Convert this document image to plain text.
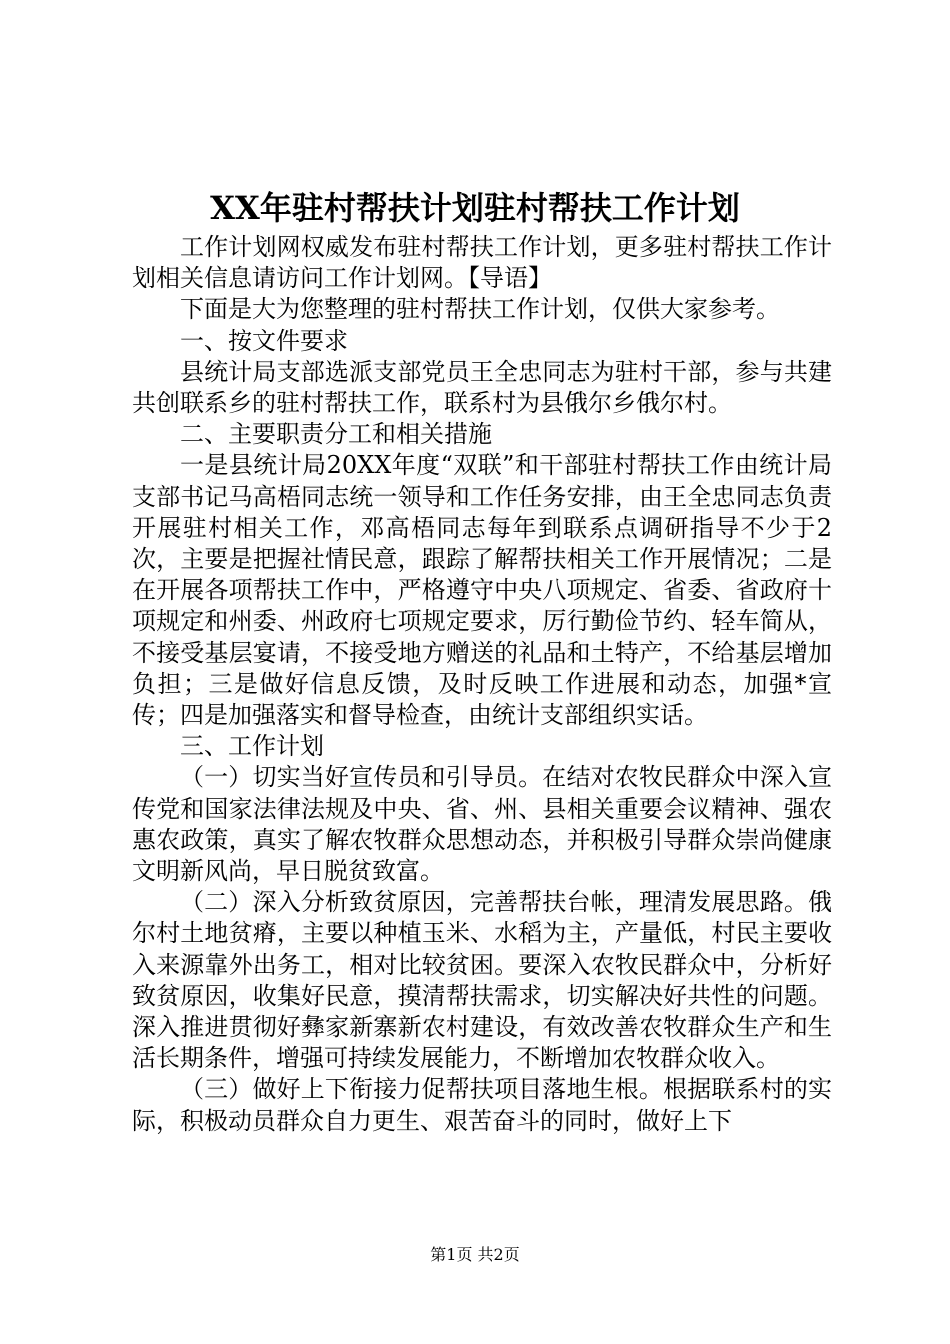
XX年驻村帮扶计划驻村帮扶工作计划

工作计划网权威发布驻村帮扶工作计划，更多驻村帮扶工作计划相关信息请访问工作计划网。【导语】

下面是大为您整理的驻村帮扶工作计划，仅供大家参考。

一、按文件要求

县统计局支部选派支部党员王全忠同志为驻村干部，参与共建共创联系乡的驻村帮扶工作，联系村为县俄尔乡俄尔村。

二、主要职责分工和相关措施

一是县统计局20XX年度“双联”和干部驻村帮扶工作由统计局支部书记马高梧同志统一领导和工作任务安排，由王全忠同志负责开展驻村相关工作，邓高梧同志每年到联系点调研指导不少于2次，主要是把握社情民意，跟踪了解帮扶相关工作开展情况；二是在开展各项帮扶工作中，严格遵守中央八项规定、省委、省政府十项规定和州委、州政府七项规定要求，厉行勤俭节约、轻车简从，不接受基层宴请，不接受地方赠送的礼品和土特产，不给基层增加负担；三是做好信息反馈，及时反映工作进展和动态，加强*宣传；四是加强落实和督导检查，由统计支部组织实话。

三、工作计划

（一）切实当好宣传员和引导员。在结对农牧民群众中深入宣传党和国家法律法规及中央、省、州、县相关重要会议精神、强农惠农政策，真实了解农牧群众思想动态，并积极引导群众崇尚健康文明新风尚，早日脱贫致富。

（二）深入分析致贫原因，完善帮扶台帐，理清发展思路。俄尔村土地贫瘠，主要以种植玉米、水稻为主，产量低，村民主要收入来源靠外出务工，相对比较贫困。要深入农牧民群众中，分析好致贫原因，收集好民意，摸清帮扶需求，切实解决好共性的问题。深入推进贯彻好彝家新寨新农村建设，有效改善农牧群众生产和生活长期条件，增强可持续发展能力，不断增加农牧群众收入。

（三）做好上下衔接力促帮扶项目落地生根。根据联系村的实际，积极动员群众自力更生、艰苦奋斗的同时，做好上下

第1页 共2页
